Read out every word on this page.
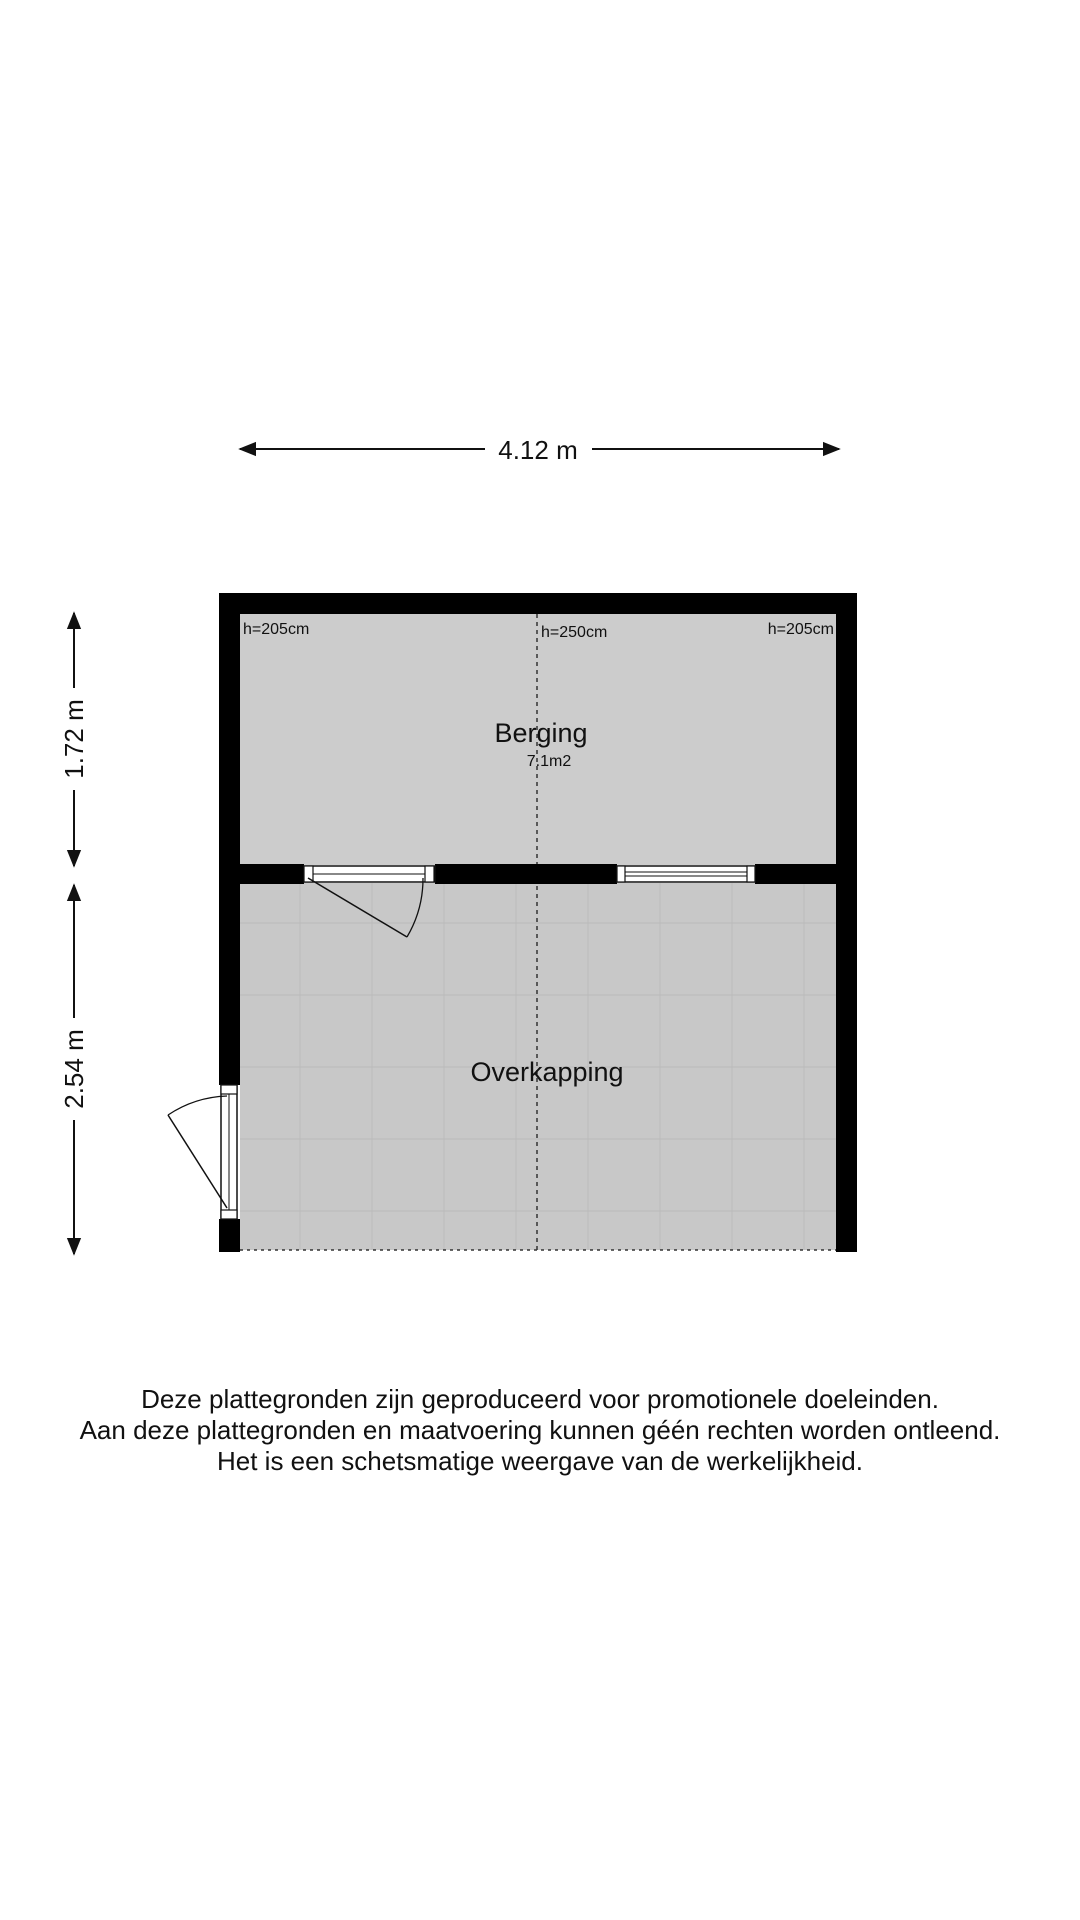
4.12 m
1.72 m
2.54 m
h=205cm	h=250cm	h=205cm
Berging
7.1m2
Overkapping
Deze plattegronden zijn geproduceerd voor promotionele doeleinden.
Aan deze plattegronden en maatvoering kunnen géén rechten worden ontleend.
Het is een schetsmatige weergave van de werkelijkheid.
